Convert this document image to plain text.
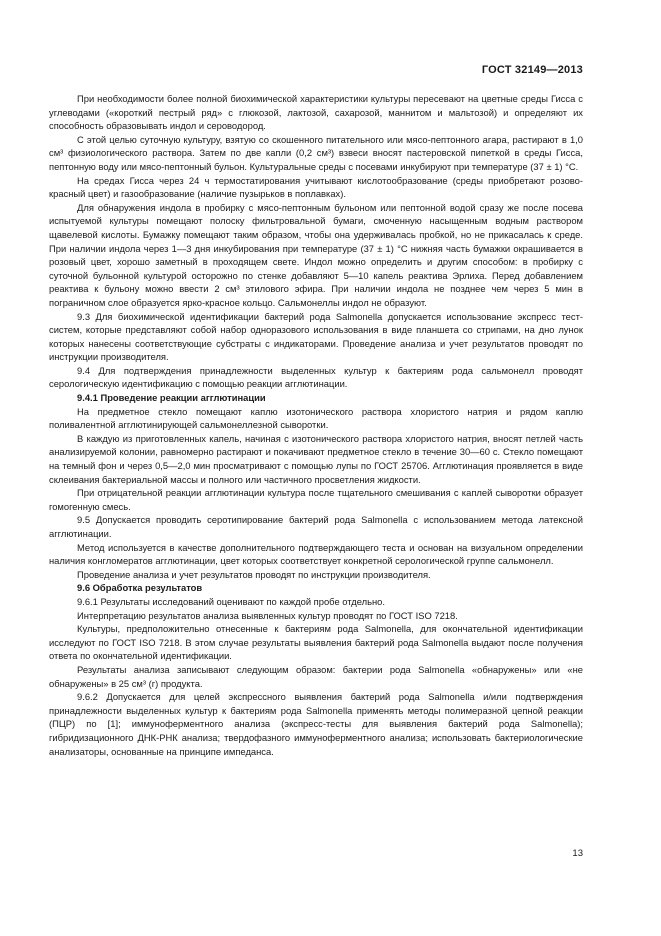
ГОСТ 32149—2013

При необходимости более полной биохимической характеристики культуры пересевают на цветные среды Гисса с углеводами («короткий пестрый ряд» с глюкозой, лактозой, сахарозой, маннитом и мальтозой) и определяют их способность образовывать индол и сероводород.

С этой целью суточную культуру, взятую со скошенного питательного или мясо-пептонного агара, растирают в 1,0 см³ физиологического раствора. Затем по две капли (0,2 см³) взвеси вносят пастеровской пипеткой в среды Гисса, пептонную воду или мясо-пептонный бульон. Культуральные среды с посевами инкубируют при температуре (37 ± 1) °С.

На средах Гисса через 24 ч термостатирования учитывают кислотообразование (среды приобретают розово-красный цвет) и газообразование (наличие пузырьков в поплавках).

Для обнаружения индола в пробирку с мясо-пептонным бульоном или пептонной водой сразу же после посева испытуемой культуры помещают полоску фильтровальной бумаги, смоченную насыщенным водным раствором щавелевой кислоты. Бумажку помещают таким образом, чтобы она удерживалась пробкой, но не прикасалась к среде. При наличии индола через 1—3 дня инкубирования при температуре (37 ± 1) °С нижняя часть бумажки окрашивается в розовый цвет, хорошо заметный в проходящем свете. Индол можно определить и другим способом: в пробирку с суточной бульонной культурой осторожно по стенке добавляют 5—10 капель реактива Эрлиха. Перед добавлением реактива к бульону можно ввести 2 см³ этилового эфира. При наличии индола не позднее чем через 5 мин в пограничном слое образуется ярко-красное кольцо. Сальмонеллы индол не образуют.

9.3 Для биохимической идентификации бактерий рода Salmonella допускается использование экспресс тест-систем, которые представляют собой набор одноразового использования в виде планшета со стрипами, на дно лунок которых нанесены соответствующие субстраты с индикаторами. Проведение анализа и учет результатов проводят по инструкции производителя.

9.4 Для подтверждения принадлежности выделенных культур к бактериям рода сальмонелл проводят серологическую идентификацию с помощью реакции агглютинации.

9.4.1 Проведение реакции агглютинации

На предметное стекло помещают каплю изотонического раствора хлористого натрия и рядом каплю поливалентной агглютинирующей сальмонеллезной сыворотки.

В каждую из приготовленных капель, начиная с изотонического раствора хлористого натрия, вносят петлей часть анализируемой колонии, равномерно растирают и покачивают предметное стекло в течение 30—60 с. Стекло помещают на темный фон и через 0,5—2,0 мин просматривают с помощью лупы по ГОСТ 25706. Агглютинация проявляется в виде склеивания бактериальной массы и полного или частичного просветления жидкости.

При отрицательной реакции агглютинации культура после тщательного смешивания с каплей сыворотки образует гомогенную смесь.

9.5 Допускается проводить серотипирование бактерий рода Salmonella с использованием метода латексной агглютинации.

Метод используется в качестве дополнительного подтверждающего теста и основан на визуальном определении наличия конгломератов агглютинации, цвет которых соответствует конкретной серологической группе сальмонелл.

Проведение анализа и учет результатов проводят по инструкции производителя.

9.6 Обработка результатов

9.6.1 Результаты исследований оценивают по каждой пробе отдельно.

Интерпретацию результатов анализа выявленных культур проводят по ГОСТ ISO 7218.

Культуры, предположительно отнесенные к бактериям рода Salmonella, для окончательной идентификации исследуют по ГОСТ ISO 7218. В этом случае результаты выявления бактерий рода Salmonella выдают после получения ответа по окончательной идентификации.

Результаты анализа записывают следующим образом: бактерии рода Salmonella «обнаружены» или «не обнаружены» в 25 см³ (г) продукта.

9.6.2 Допускается для целей экспрессного выявления бактерий рода Salmonella и/или подтверждения принадлежности выделенных культур к бактериям рода Salmonella применять методы полимеразной цепной реакции (ПЦР) по [1]; иммуноферментного анализа (экспресс-тесты для выявления бактерий рода Salmonella); гибридизационного ДНК-РНК анализа; твердофазного иммуноферментного анализа; использовать бактериологические анализаторы, основанные на принципе импеданса.

13
